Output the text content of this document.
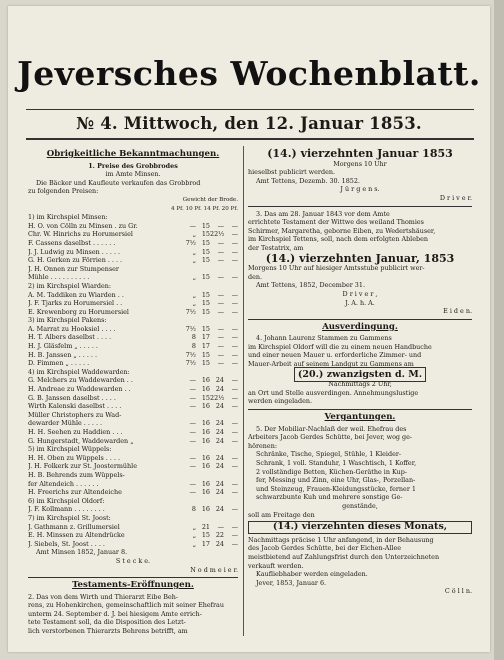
Jeversches Wochenblatt.
№ 4. Mittwoch, den 12. Januar 1853.
Obrigkeitliche Bekanntmachungen.
1. Preise des Grobbrodes
im Amte Minsen.
Die Bäcker und Kaufleute verkaufen das Grobbrod
zu folgenden Preisen:
Gewicht der Brode.
4 Pf. 10 Pf. 14 Pf. 20 Pf.
1) im Kirchspiel Minsen:
H. O. von Cölln zu Minsen . zu Gr.	— 15	—	—
Chr. W. Hinrichs zu Horumersiel	„ 15 22½	—
F. Cassens daselbst . . . . . .	7½ 15	—	—
J. J. Ludwig zu Minsen . . . . .	„ 15	—	—
G. H. Gerken zu Förrien . . . .	„ 15	—	—
J. H. Onnen zur Stumpenser
Mühle . . . . . . . . . .	„ 15	—	—
2) im Kirchspiel Wiarden:
A. M. Taddiken zu Wiarden . .	„ 15	—	—
J. F. Tjarks zu Horumersiel . .	„ 15	—	—
E. Krewenborg zu Horumersiel	7½ 15	—	—
3) im Kirchspiel Pakens:
A. Marrat zu Hooksiel . . . .	7½ 15	—	—
H. T. Albers daselbst . . . .	8 17	—	—
H. J. Gläsfelm „ . . . . .	8 17	—	—
H. B. Janssen „ . . . . .	7½ 15	—	—
D. Fimmen „ . . . . .	7½ 15	—	—
4) im Kirchspiel Waddewarden:
G. Melchers zu Waddewarden . .	— 16 24	—
H. Andreae zu Waddewarden . .	— 16 24	—
G. B. Janssen daselbst . . . .	— 15 22½	—
Wirth Kalenski daselbst . . . .	— 16 24	—
Müller Christophers zu Wad-
dewarder Mühle . . . . .	— 16 24	—
H. H. Seehen zu Haddien . . .	— 16 24	—
G. Hungerstadt, Waddewarden „	— 16 24	—
5) im Kirchspiel Wüppels:
H. H. Oben zu Wüppels . . . .	— 16 24	—
J. H. Folkerk zur St. Joostermühle	— 16 24	—
H. B. Behrends zum Wüppels-
fer Altendeich . . . . . .	— 16 24	—
H. Freerichs zur Altendeiche	— 16 24	—
6) im Kirchspiel Oldorf:
J. F. Kollmann . . . . . . . .	8 16 24	—
7) im Kirchspiel St. Joost:
J. Gathmann z. Grillumersiel	„ 21	—	—
E. H. Minssen zu Altendrücke	„ 15 22	—
J. Siebels, St. Joost . . . .	„ 17 24	—
Amt Minsen 1852, Januar 8.
S t e c k e.
N o d m e i e r.
Testaments-Eröffnungen.
2. Das von dem Wirth und Thierarzt Eibe Beh-
rens, zu Hohenkirchen, gemeinschaftlich mit seiner Ehefrau
unterm 24. September d. J. bei hiesigem Amte errich-
tete Testament soll, da die Disposition des Letzt-
lich verstorbenen Thierarzts Behrens betrifft, am
(14.) vierzehnten Januar 1853
Morgens 10 Uhr
hieselbst publicirt werden.
Amt Tettens, Dezemb. 30. 1852.
J ü r g e n s.
D r i v e r.
3. Das am 28. Januar 1843 vor dem Amte
errichtete Testament der Wittwe des weiland Thomies
Schirmer, Margaretha, geborne Eiben, zu Wedertshäuser,
im Kirchspiel Tettens, soll, nach dem erfolgten Ableben
der Testatrix, am
(14.) vierzehnten Januar, 1853
Morgens 10 Uhr auf hiesiger Amtsstube publicirt wer-
den.
Amt Tettens, 1852, December 31.
D r i v e r ,
J. A. h. A.
E i d e n.
Ausverdingung.
4. Johann Laurenz Stammen zu Gammens
im Kirchspiel Oldorf will die zu einem neuen Handbuche
und einer neuen Mauer u. erforderliche Zimmer- und
Mauer-Arbeit auf seinem Landgut zu Gammens am
(20.) zwanzigsten d. M.
Nachmittags 2 Uhr,
an Ort und Stelle ausverdingen. Annehmungslustige
werden eingeladen.
Vergantungen.
5. Der Mobiliar-Nachlaß der weil. Ehefrau des
Arbeiters Jacob Gerdes Schütte, bei Jever, wog ge-
hörenen:
Schränke, Tische, Spiegel, Stühle, 1 Kleider-
Schrank, 1 voll. Standuhr, 1 Waschtisch, 1 Koffer,
2 vollständige Betten, Küchen-Geräthe in Kup-
fer, Messing und Zinn, eine Uhr, Glas-, Porzellan-
und Steinzeug, Frauen-Kleidungsstücke, ferner 1
schwarzbunte Kuh und mehrere sonstige Ge-
genstände,
soll am Freitage den
(14.) vierzehnten dieses Monats,
Nachmittags präcise 1 Uhr anfangend, in der Behausung
des Jacob Gerdes Schütte, bei der Eichen-Allee
meistbietend auf Zahlungsfrist durch den Unterzeichneten
verkauft werden.
Kaufliebhaber werden eingeladen.
Jever, 1853, Januar 6.
C ö l l n.
